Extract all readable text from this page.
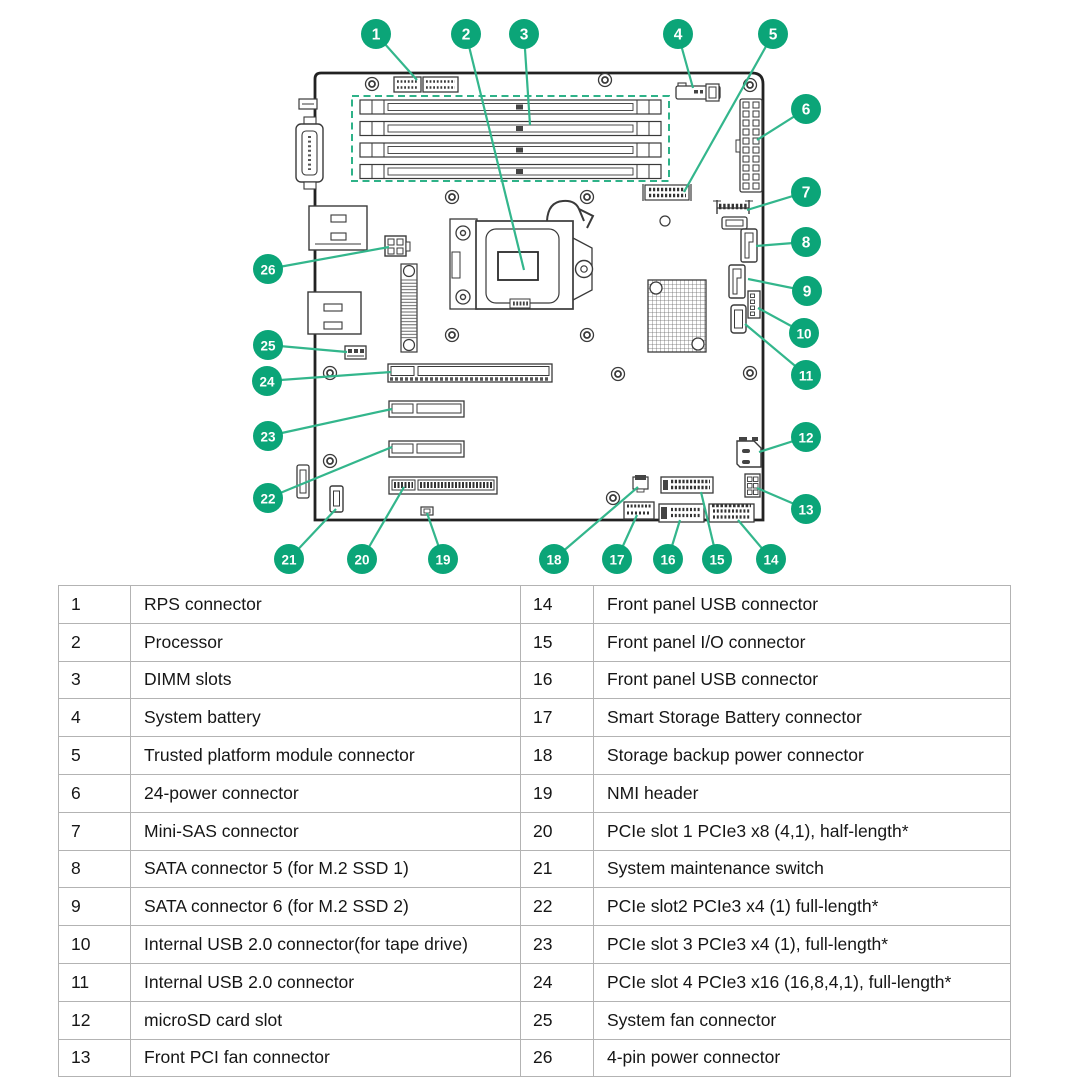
1	2	3	4	5
6
7
8
9
10
11
12
13
14
15
16
17
18
19
20
21
22
23
24
25
26
1	RPS connector	14	Front panel USB connector
2	Processor	15	Front panel I/O connector
3	DIMM slots	16	Front panel USB connector
4	System battery	17	Smart Storage Battery connector
5	Trusted platform module connector	18	Storage backup power connector
6	24-power connector	19	NMI header
7	Mini-SAS connector	20	PCIe slot 1 PCIe3 x8 (4,1), half-length*
8	SATA connector 5 (for M.2 SSD 1)	21	System maintenance switch
9	SATA connector 6 (for M.2 SSD 2)	22	PCIe slot2 PCIe3 x4 (1) full-length*
10	Internal USB 2.0 connector(for tape drive)	23	PCIe slot 3 PCIe3 x4 (1), full-length*
11	Internal USB 2.0 connector	24	PCIe slot 4 PCIe3 x16 (16,8,4,1), full-length*
12	microSD card slot	25	System fan connector
13	Front PCI fan connector	26	4-pin power connector
